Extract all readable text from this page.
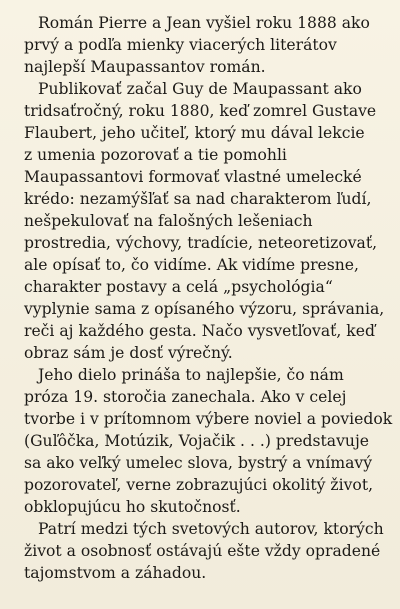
Román Pierre a Jean vyšiel roku 1888 ako
prvý a podľa mienky viacerých literátov
najlepší Maupassantov román.

Publikovať začal Guy de Maupassant ako
tridsaťročný, roku 1880, keď zomrel Gustave
Flaubert, jeho učiteľ, ktorý mu dával lekcie
z umenia pozorovať a tie pomohli
Maupassantovi formovať vlastné umelecké
krédo: nezamýšľať sa nad charakterom ľudí,
nešpekulovať na falošných lešeniach
prostredia, výchovy, tradície, neteoretizovať,
ale opísať to, čo vidíme. Ak vidíme presne,
charakter postavy a celá „psychológia“
vyplynie sama z opísaného výzoru, správania,
reči aj každého gesta. Načo vysvetľovať, keď
obraz sám je dosť výrečný.

Jeho dielo prináša to najlepšie, čo nám
próza 19. storočia zanechala. Ako v celej
tvorbe i v prítomnom výbere noviel a poviedok
(Guľôčka, Motúzik, Vojačik . . .) predstavuje
sa ako veľký umelec slova, bystrý a vnímavý
pozorovateľ, verne zobrazujúci okolitý život,
obklopujúcu ho skutočnosť.

Patrí medzi tých svetových autorov, ktorých
život a osobnosť ostávajú ešte vždy opradené
tajomstvom a záhadou.
